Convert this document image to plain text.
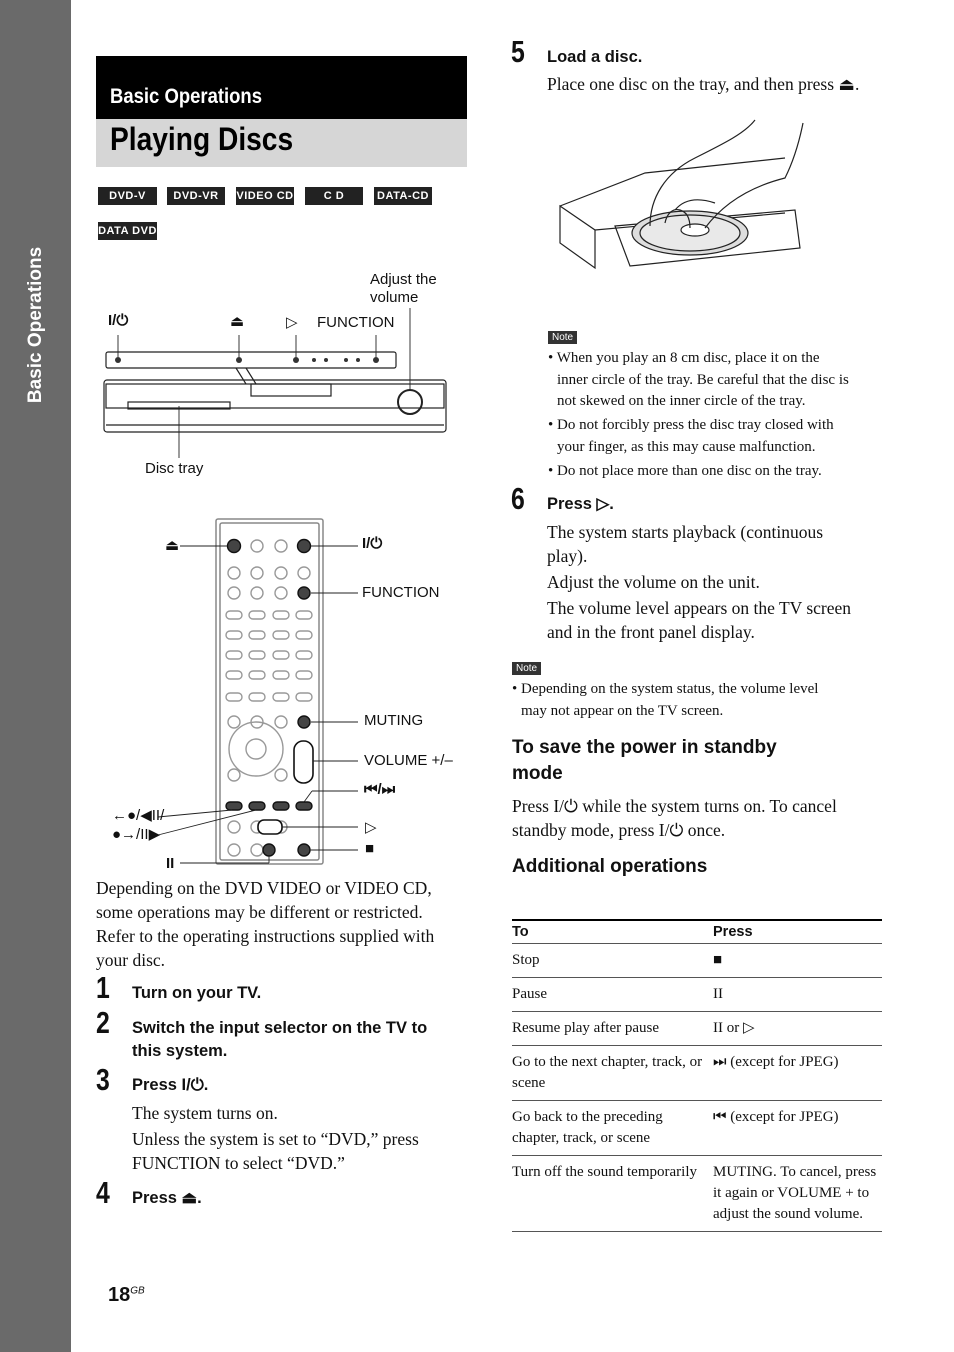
Basic Operations
Basic Operations
Playing Discs
DVD-V	DVD-VR	VIDEO CD	C D	DATA-CD
DATA DVD
I/⏻	⏏	▷ FUNCTION
Adjust the
volume
Disc tray
⏏	I/⏻
FUNCTION
MUTING
VOLUME +/–
⏮/⏭
←●/◀II/
●→/II▶	▷
■
II
Depending on the DVD VIDEO or VIDEO CD,
some operations may be different or restricted.
Refer to the operating instructions supplied with
your disc.
1 Turn on your TV.
2 Switch the input selector on the TV to
this system.
3 Press I/⏻.
The system turns on.
Unless the system is set to “DVD,” press
FUNCTION to select “DVD.”
4 Press ⏏.
5 Load a disc.
Place one disc on the tray, and then press ⏏.
Note
• When you play an 8 cm disc, place it on the
inner circle of the tray. Be careful that the disc is
not skewed on the inner circle of the tray.
• Do not forcibly press the disc tray closed with
your finger, as this may cause malfunction.
• Do not place more than one disc on the tray.
6 Press ▷.
The system starts playback (continuous
play).
Adjust the volume on the unit.
The volume level appears on the TV screen
and in the front panel display.
Note
• Depending on the system status, the volume level
may not appear on the TV screen.
To save the power in standby
mode
Press I/⏻ while the system turns on. To cancel
standby mode, press I/⏻ once.
Additional operations
To	Press
Stop	■
Pause	II
Resume play after pause	II or ▷
Go to the next chapter, track, or scene	⏭ (except for JPEG)
Go back to the preceding chapter, track, or scene	⏮ (except for JPEG)
Turn off the sound temporarily	MUTING. To cancel, press it again or VOLUME + to adjust the sound volume.
$18^{GB}$
